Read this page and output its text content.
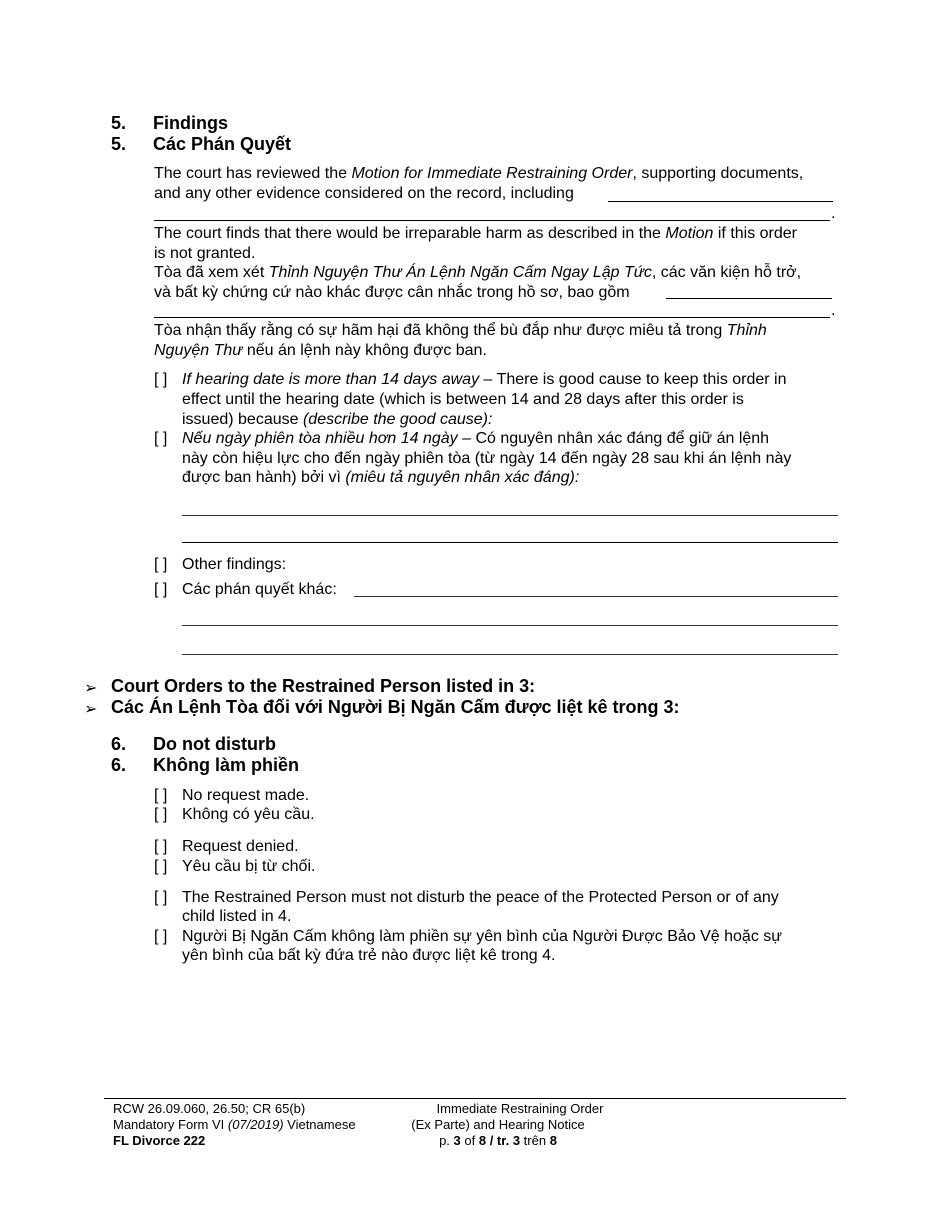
5. Findings
5. Các Phán Quyết
The court has reviewed the Motion for Immediate Restraining Order, supporting documents,
and any other evidence considered on the record, including
.
The court finds that there would be irreparable harm as described in the Motion if this order
is not granted.
Tòa đã xem xét Thỉnh Nguyện Thư Án Lệnh Ngăn Cấm Ngay Lập Tức, các văn kiện hỗ trở,
và bất kỳ chứng cứ nào khác được cân nhắc trong hồ sơ, bao gồm
.
Tòa nhận thấy rằng có sự hãm hại đã không thể bù đắp như được miêu tả trong Thỉnh
Nguyện Thư nếu án lệnh này không được ban.
[ ] If hearing date is more than 14 days away – There is good cause to keep this order in
effect until the hearing date (which is between 14 and 28 days after this order is
issued) because (describe the good cause):
[ ] Nếu ngày phiên tòa nhiều hơn 14 ngày – Có nguyên nhân xác đáng để giữ án lệnh
này còn hiệu lực cho đến ngày phiên tòa (từ ngày 14 đến ngày 28 sau khi án lệnh này
được ban hành) bởi vì (miêu tả nguyên nhân xác đáng):
[ ] Other findings:
[ ] Các phán quyết khác:
➢ Court Orders to the Restrained Person listed in 3:
➢ Các Án Lệnh Tòa đối với Người Bị Ngăn Cấm được liệt kê trong 3:
6. Do not disturb
6. Không làm phiền
[ ] No request made.
[ ] Không có yêu cầu.
[ ] Request denied.
[ ] Yêu cầu bị từ chối.
[ ] The Restrained Person must not disturb the peace of the Protected Person or of any
child listed in 4.
[ ] Người Bị Ngăn Cấm không làm phiền sự yên bình của Người Được Bảo Vệ hoặc sự
yên bình của bất kỳ đứa trẻ nào được liệt kê trong 4.
RCW 26.09.060, 26.50; CR 65(b)
Mandatory Form VI (07/2019) Vietnamese
FL Divorce 222
Immediate Restraining Order
(Ex Parte) and Hearing Notice
p. 3 of 8 / tr. 3 trên 8
